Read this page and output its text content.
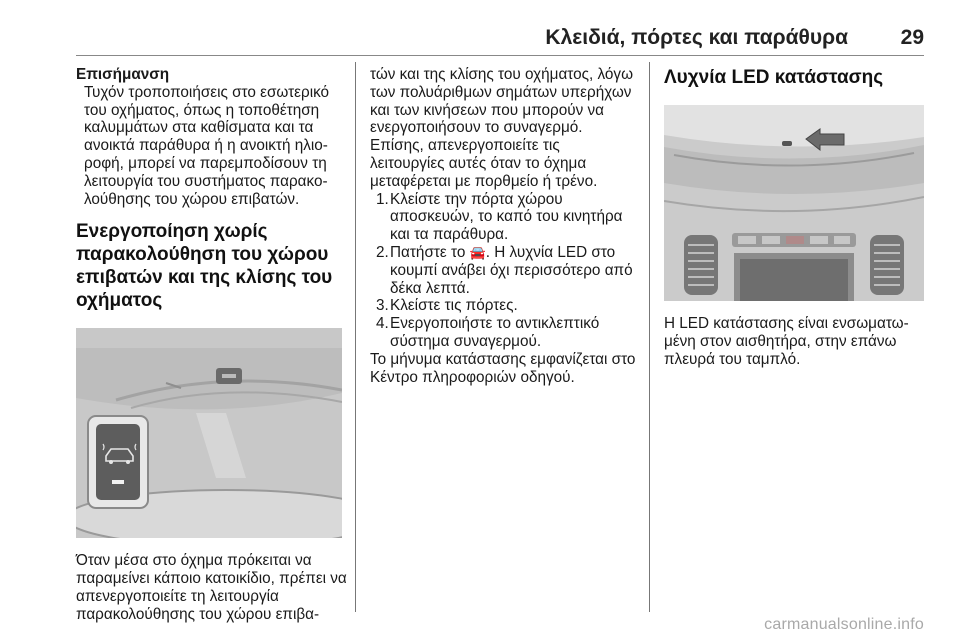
Κλειδιά, πόρτες και παράθυρα	29

Επισήμανση

Τυχόν τροποποιήσεις στο εσωτερικό του οχήματος, όπως η τοποθέτηση καλυμμάτων στα καθίσματα και τα ανοικτά παράθυρα ή η ανοικτή ηλιο-ροφή, μπορεί να παρεμποδίσουν τη λειτουργία του συστήματος παρακο-λούθησης του χώρου επιβατών.

Ενεργοποίηση χωρίς παρακολούθηση του χώρου επιβατών και της κλίσης του οχήματος

Όταν μέσα στο όχημα πρόκειται να παραμείνει κάποιο κατοικίδιο, πρέπει να απενεργοποιείτε τη λειτουργία παρακολούθησης του χώρου επιβα-

τών και της κλίσης του οχήματος, λόγω των πολυάριθμων σημάτων υπερήχων και των κινήσεων που μπορούν να ενεργοποιήσουν το συναγερμό. Επίσης, απενεργοποιείτε τις λειτουργίες αυτές όταν το όχημα μεταφέρεται με πορθμείο ή τρένο.

1. Κλείστε την πόρτα χώρου αποσκευών, το καπό του κινητήρα και τα παράθυρα.
2. Πατήστε το 🚘. Η λυχνία LED στο κουμπί ανάβει όχι περισσότερο από δέκα λεπτά.
3. Κλείστε τις πόρτες.
4. Ενεργοποιήστε το αντικλεπτικό σύστημα συναγερμού.

Το μήνυμα κατάστασης εμφανίζεται στο Κέντρο πληροφοριών οδηγού.

Λυχνία LED κατάστασης

Η LED κατάστασης είναι ενσωματω-μένη στον αισθητήρα, στην επάνω πλευρά του ταμπλό.

carmanualsonline.info
